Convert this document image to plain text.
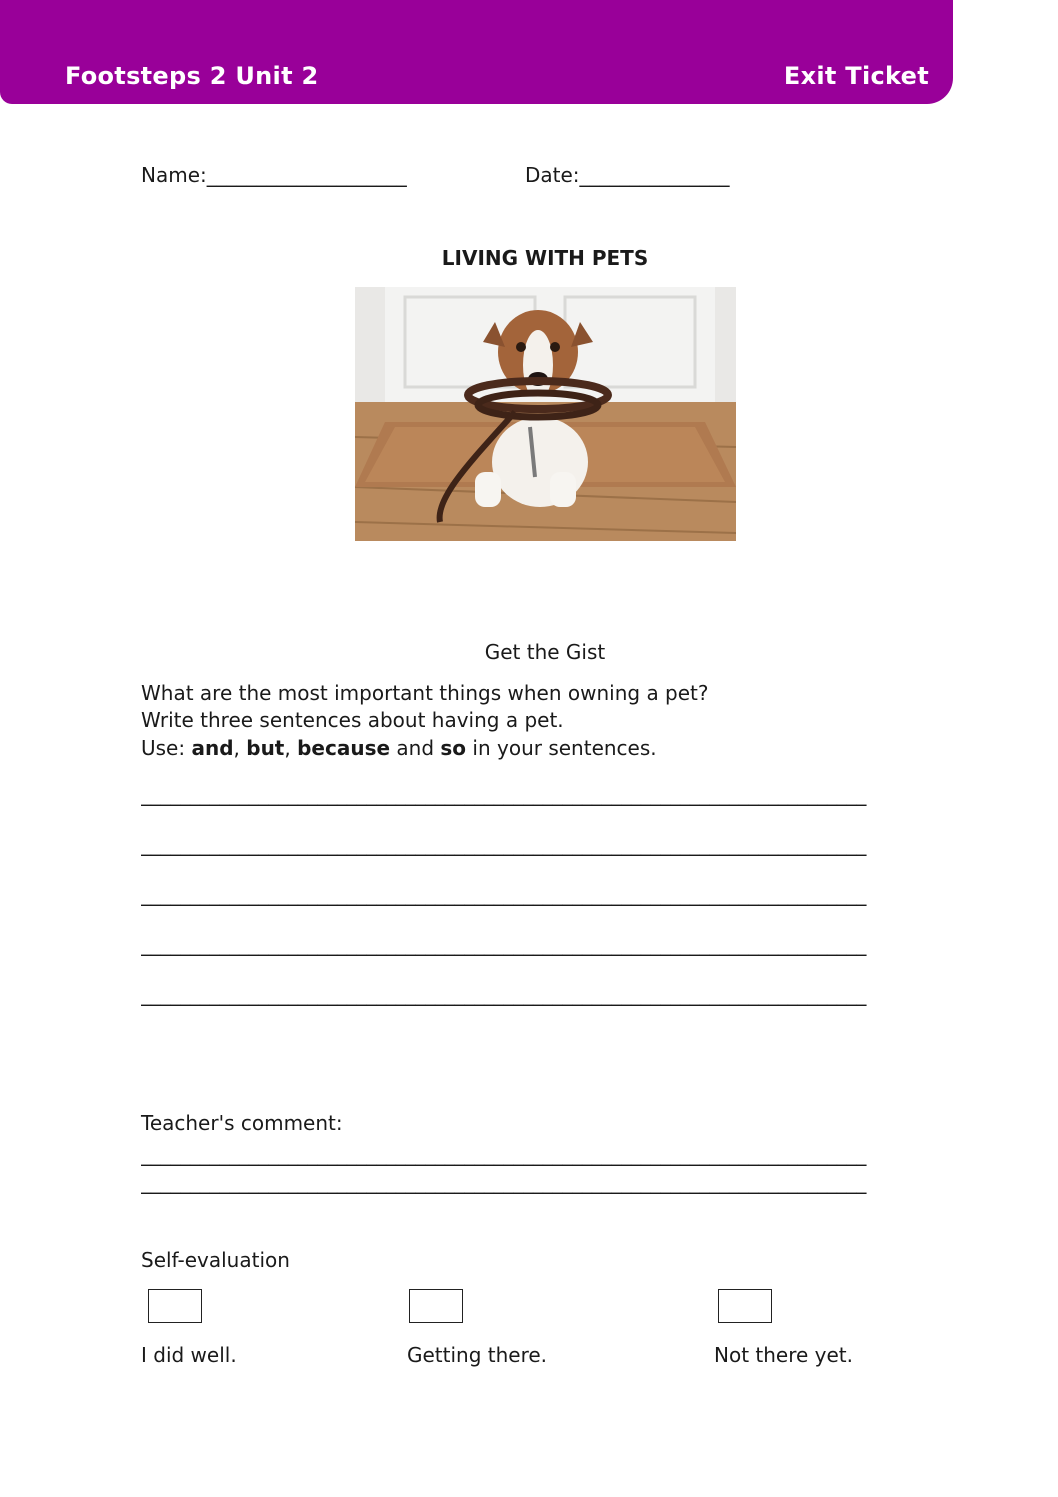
Footsteps 2 Unit 2	Exit Ticket
Name:____________________	Date:_______________
LIVING WITH PETS
Get the Gist
What are the most important things when owning a pet?
Write three sentences about having a pet.
Use: and, but, because and so in your sentences.
__________________________________________________________________________
__________________________________________________________________________
__________________________________________________________________________
__________________________________________________________________________
__________________________________________________________________________
Teacher's comment:
__________________________________________________________________________
__________________________________________________________________________
Self-evaluation
I did well.	Getting there.	Not there yet.
